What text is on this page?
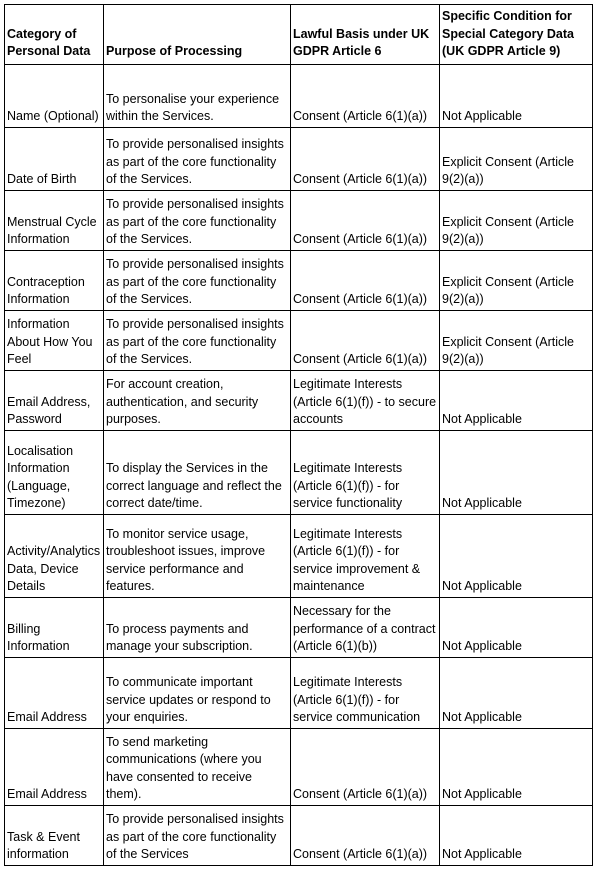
Category of Personal Data	Purpose of Processing	Lawful Basis under UK GDPR Article 6	Specific Condition for Special Category Data (UK GDPR Article 9)
Name (Optional)	To personalise your experience within the Services.	Consent (Article 6(1)(a))	Not Applicable
Date of Birth	To provide personalised insights as part of the core functionality of the Services.	Consent (Article 6(1)(a))	Explicit Consent (Article 9(2)(a))
Menstrual Cycle Information	To provide personalised insights as part of the core functionality of the Services.	Consent (Article 6(1)(a))	Explicit Consent (Article 9(2)(a))
Contraception Information	To provide personalised insights as part of the core functionality of the Services.	Consent (Article 6(1)(a))	Explicit Consent (Article 9(2)(a))
Information About How You Feel	To provide personalised insights as part of the core functionality of the Services.	Consent (Article 6(1)(a))	Explicit Consent (Article 9(2)(a))
Email Address, Password	For account creation, authentication, and security purposes.	Legitimate Interests (Article 6(1)(f)) - to secure accounts	Not Applicable
Localisation Information (Language, Timezone)	To display the Services in the correct language and reflect the correct date/time.	Legitimate Interests (Article 6(1)(f)) - for service functionality	Not Applicable
Activity/Analytics Data, Device Details	To monitor service usage, troubleshoot issues, improve service performance and features.	Legitimate Interests (Article 6(1)(f)) - for service improvement & maintenance	Not Applicable
Billing Information	To process payments and manage your subscription.	Necessary for the performance of a contract (Article 6(1)(b))	Not Applicable
Email Address	To communicate important service updates or respond to your enquiries.	Legitimate Interests (Article 6(1)(f)) - for service communication	Not Applicable
Email Address	To send marketing communications (where you have consented to receive them).	Consent (Article 6(1)(a))	Not Applicable
Task & Event information	To provide personalised insights as part of the core functionality of the Services	Consent (Article 6(1)(a))	Not Applicable
